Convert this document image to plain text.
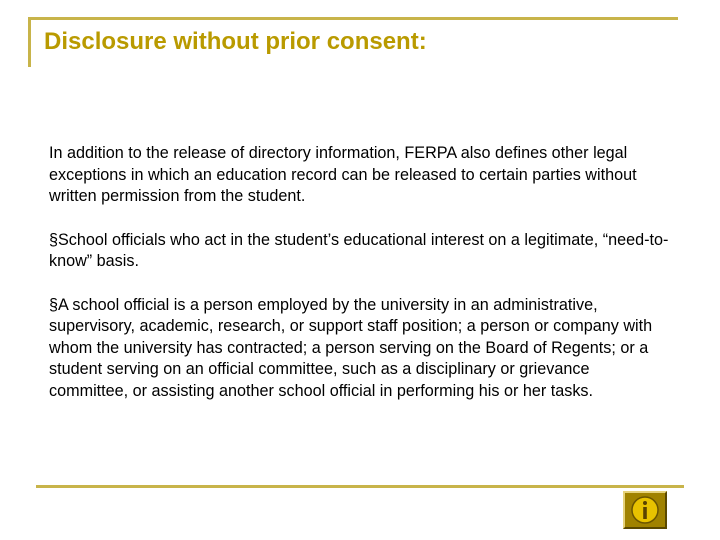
Disclosure without prior consent:

In addition to the release of directory information, FERPA also defines other legal exceptions in which an education record can be released to certain parties without written permission from the student.

§School officials who act in the student’s educational interest on a legitimate, “need-to-know” basis.

§A school official is a person employed by the university in an administrative, supervisory, academic, research, or support staff position; a person or company with whom the university has contracted; a person serving on the Board of Regents; or a student serving on an official committee, such as a disciplinary or grievance committee, or assisting another school official in performing his or her tasks.
